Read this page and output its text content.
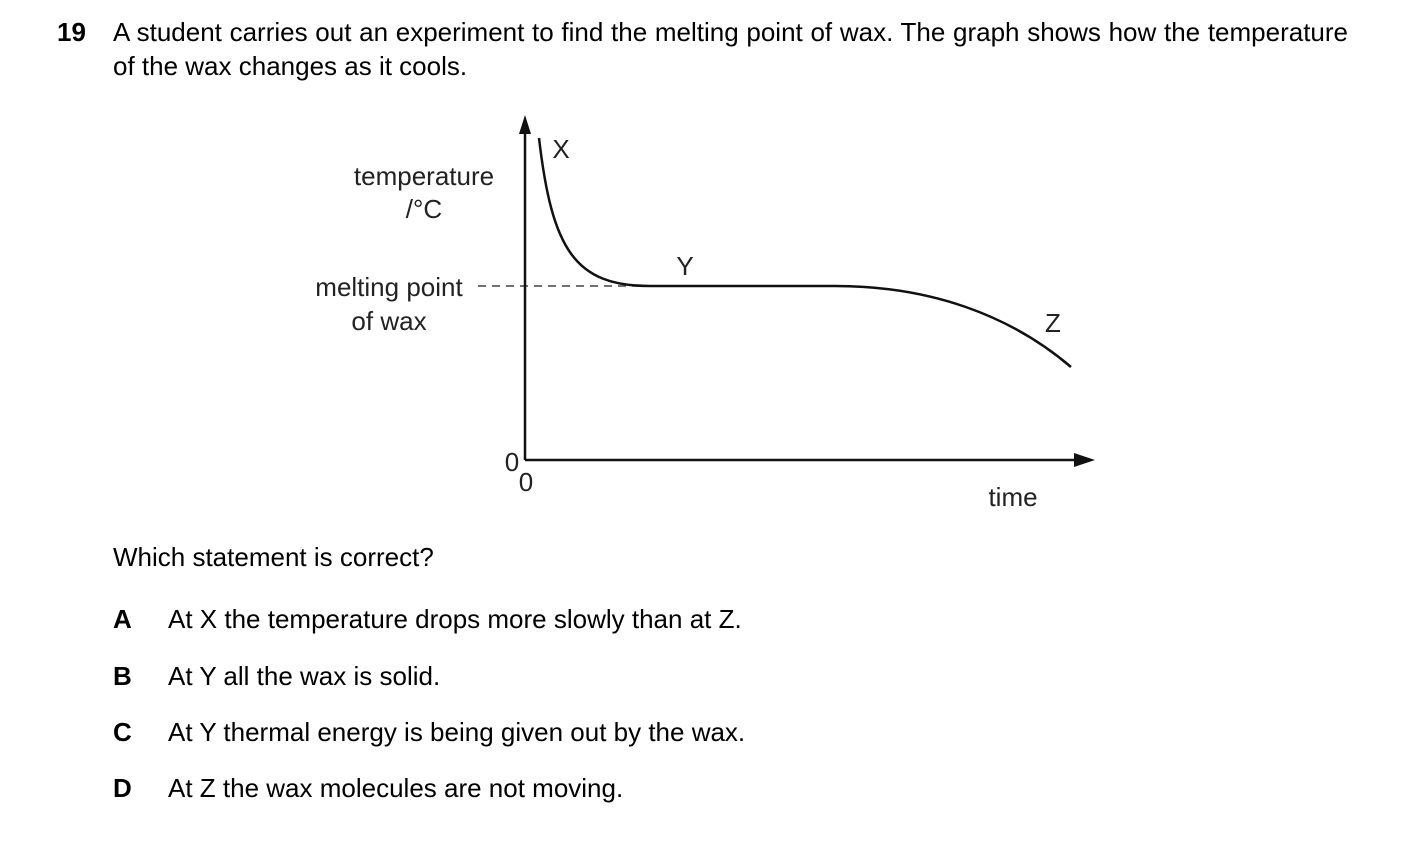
19 A student carries out an experiment to find the melting point of wax. The graph shows how the temperature of the wax changes as it cools.
temperature
/°C
melting point
of wax
X
Y
Z
0
0	time
Which statement is correct?
A At X the temperature drops more slowly than at Z.
B At Y all the wax is solid.
C At Y thermal energy is being given out by the wax.
D At Z the wax molecules are not moving.
